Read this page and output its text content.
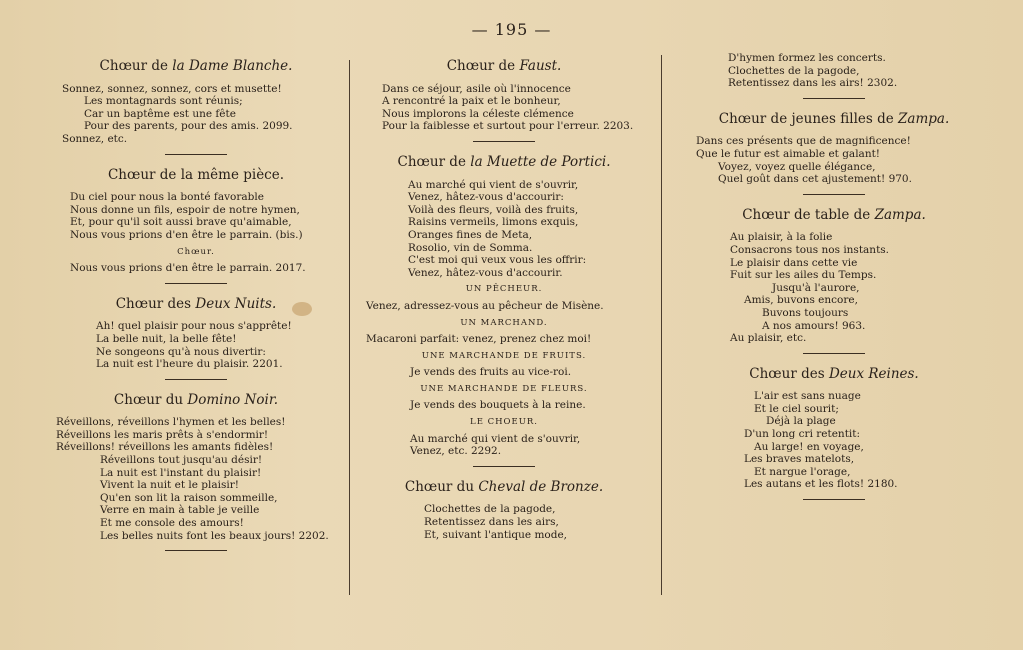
— 195 —
Chœur de la Dame Blanche.
Sonnez, sonnez, sonnez, cors et musette!
Les montagnards sont réunis;
Car un baptême est une fête
Pour des parents, pour des amis. 2099.
Sonnez, etc.
Chœur de la même pièce.
Du ciel pour nous la bonté favorable
Nous donne un fils, espoir de notre hymen,
Et, pour qu'il soit aussi brave qu'aimable,
Nous vous prions d'en être le parrain. (bis.)
Chœur.
Nous vous prions d'en être le parrain. 2017.
Chœur des Deux Nuits.
Ah! quel plaisir pour nous s'apprête!
La belle nuit, la belle fête!
Ne songeons qu'à nous divertir:
La nuit est l'heure du plaisir. 2201.
Chœur du Domino Noir.
Réveillons, réveillons l'hymen et les belles!
Réveillons les maris prêts à s'endormir!
Réveillons! réveillons les amants fidèles!
Réveillons tout jusqu'au désir!
La nuit est l'instant du plaisir!
Vivent la nuit et le plaisir!
Qu'en son lit la raison sommeille,
Verre en main à table je veille
Et me console des amours!
Les belles nuits font les beaux jours! 2202.
Chœur de Faust.
Dans ce séjour, asile où l'innocence
A rencontré la paix et le bonheur,
Nous implorons la céleste clémence
Pour la faiblesse et surtout pour l'erreur. 2203.
Chœur de la Muette de Portici.
Au marché qui vient de s'ouvrir,
Venez, hâtez-vous d'accourir:
Voilà des fleurs, voilà des fruits,
Raisins vermeils, limons exquis,
Oranges fines de Meta,
Rosolio, vin de Somma.
C'est moi qui veux vous les offrir:
Venez, hâtez-vous d'accourir.
UN PÊCHEUR.
Venez, adressez-vous au pêcheur de Misène.
UN MARCHAND.
Macaroni parfait: venez, prenez chez moi!
UNE MARCHANDE DE FRUITS.
Je vends des fruits au vice-roi.
UNE MARCHANDE DE FLEURS.
Je vends des bouquets à la reine.
LE CHOEUR.
Au marché qui vient de s'ouvrir,
Venez, etc. 2292.
Chœur du Cheval de Bronze.
Clochettes de la pagode,
Retentissez dans les airs,
Et, suivant l'antique mode,
D'hymen formez les concerts.
Clochettes de la pagode,
Retentissez dans les airs! 2302.
Chœur de jeunes filles de Zampa.
Dans ces présents que de magnificence!
Que le futur est aimable et galant!
Voyez, voyez quelle élégance,
Quel goût dans cet ajustement! 970.
Chœur de table de Zampa.
Au plaisir, à la folie
Consacrons tous nos instants.
Le plaisir dans cette vie
Fuit sur les ailes du Temps.
Jusqu'à l'aurore,
Amis, buvons encore,
Buvons toujours
A nos amours! 963.
Au plaisir, etc.
Chœur des Deux Reines.
L'air est sans nuage
Et le ciel sourit;
Déjà la plage
D'un long cri retentit:
Au large! en voyage,
Les braves matelots,
Et nargue l'orage,
Les autans et les flots! 2180.
